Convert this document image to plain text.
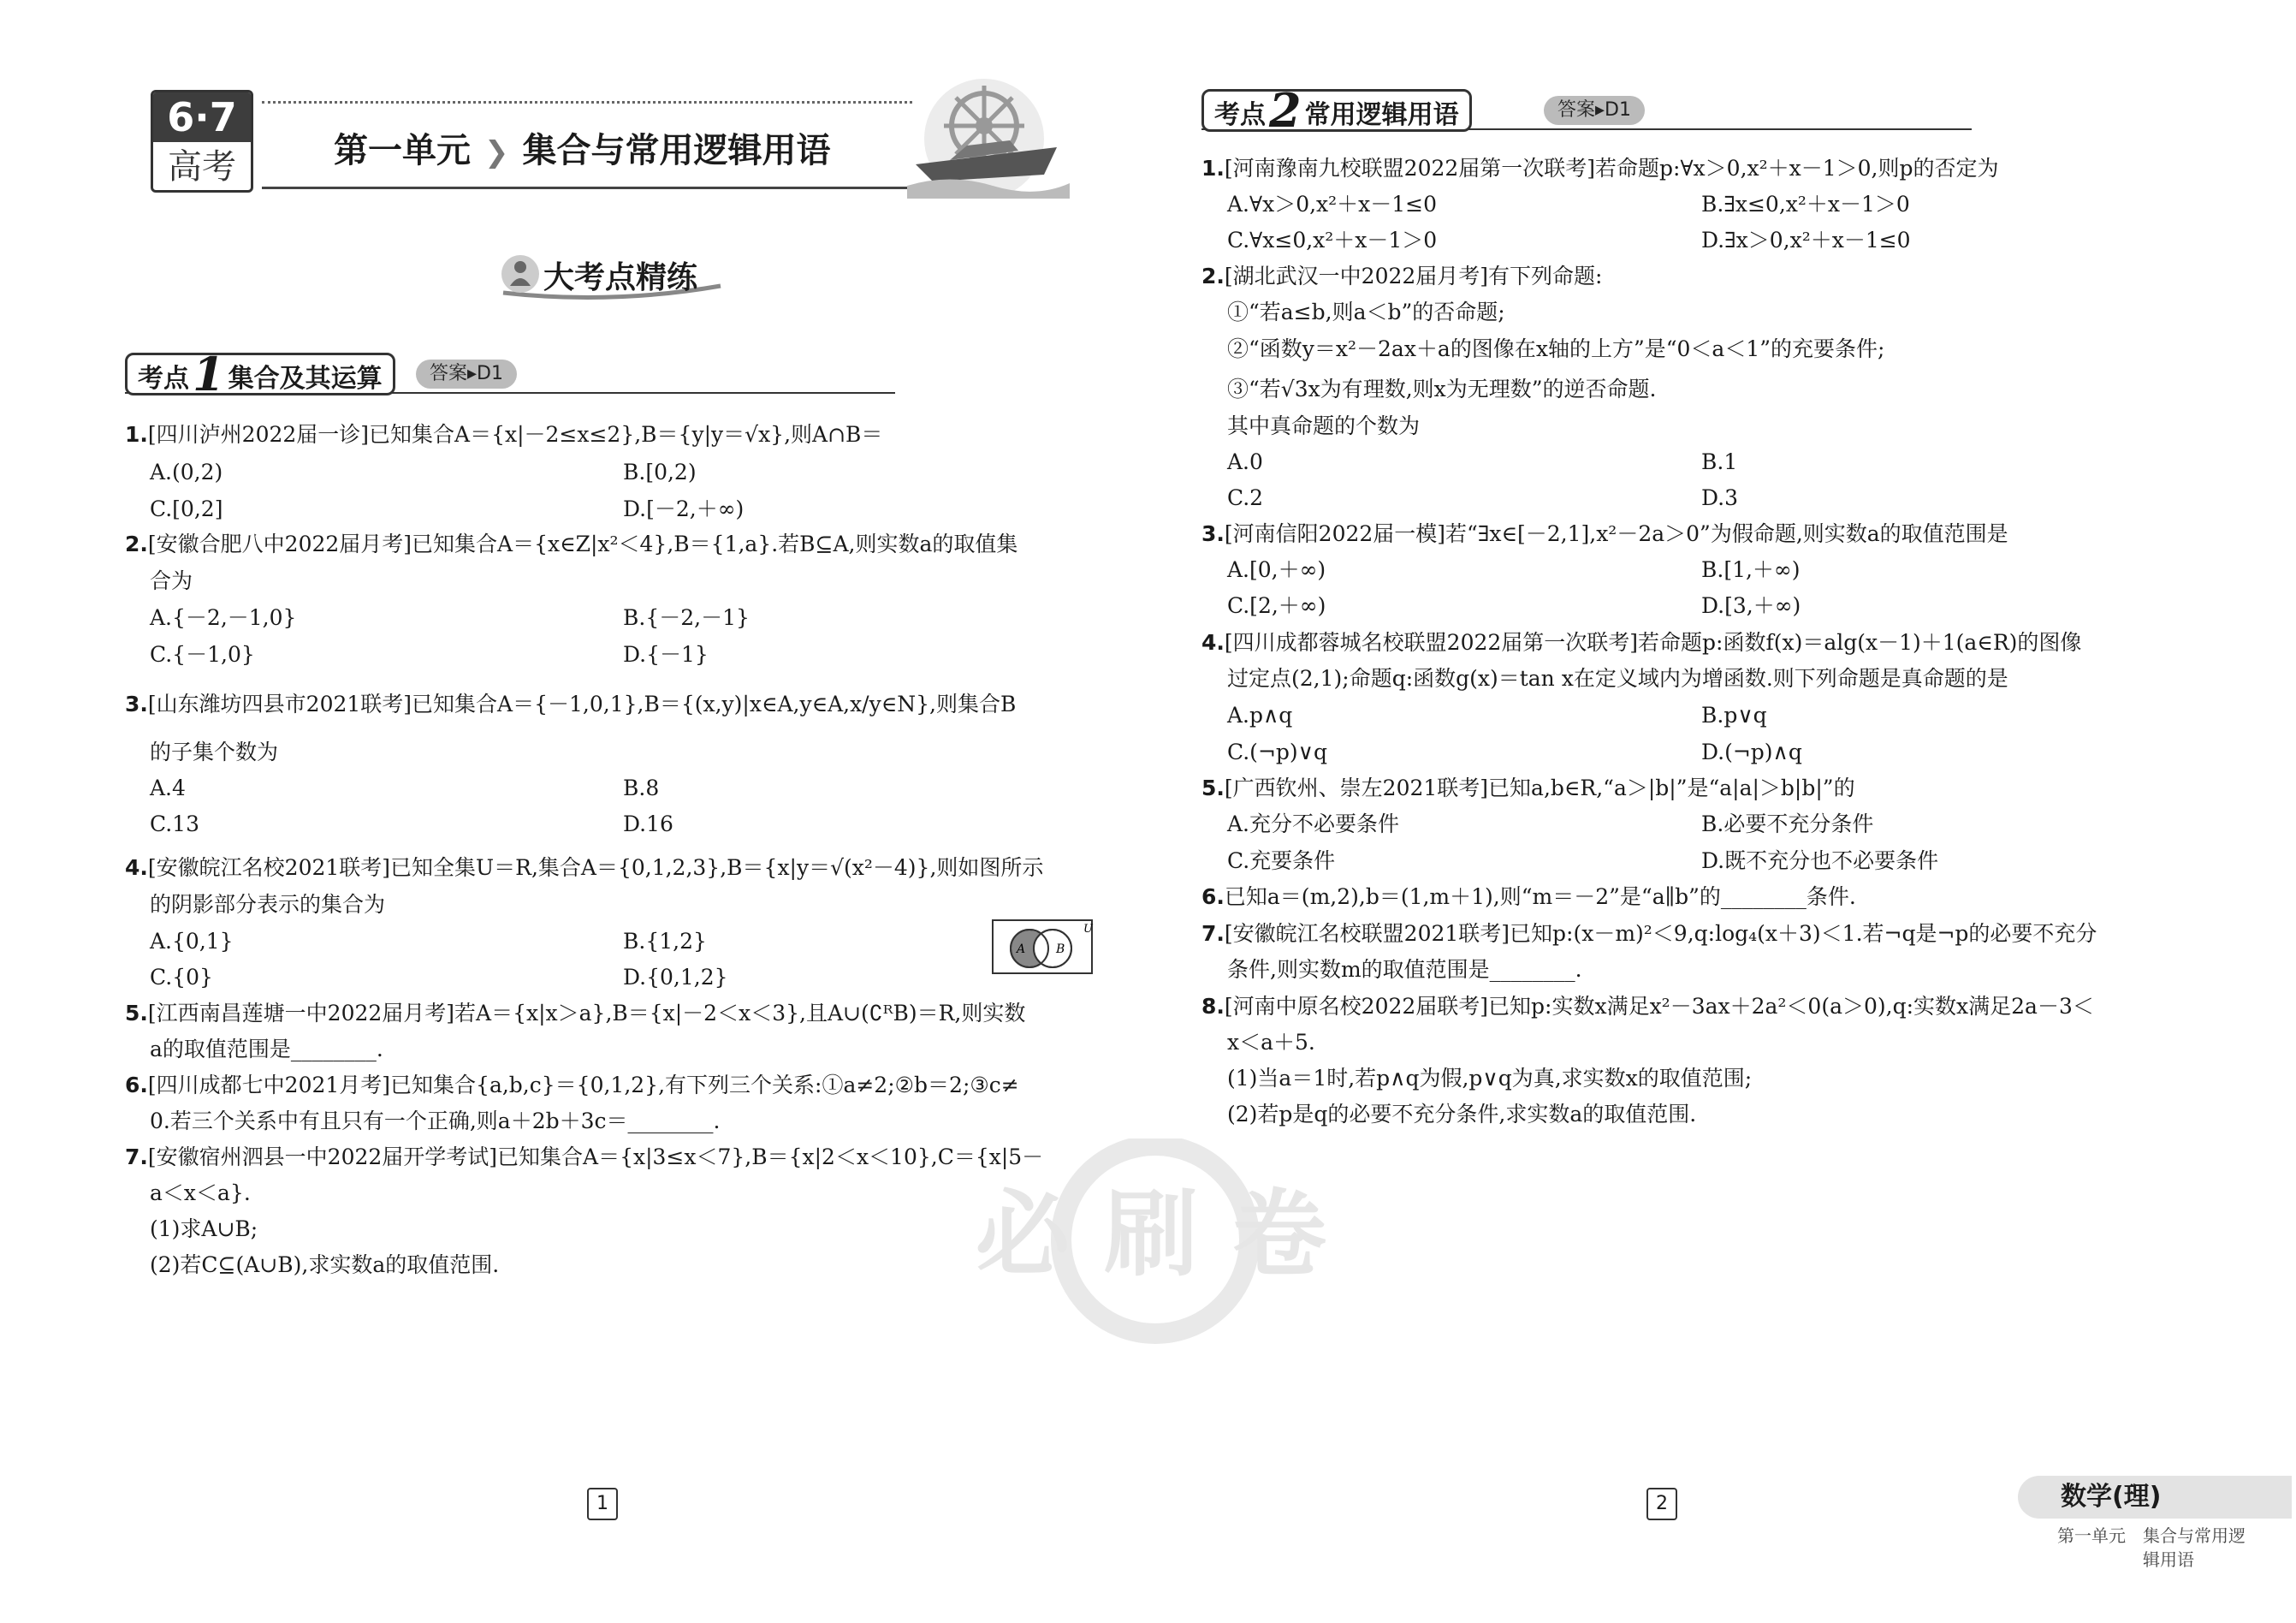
6·7
高考	第一单元 ❯ 集合与常用逻辑用语
大考点精练
考点1 集合及其运算	答案▸D1
1.[四川泸州2022届一诊]已知集合A＝{x|－2≤x≤2},B＝{y|y＝√x},则A∩B＝
A.(0,2)	B.[0,2)
C.[0,2]	D.[－2,＋∞)
2.[安徽合肥八中2022届月考]已知集合A＝{x∈Z|x²＜4},B＝{1,a}.若B⊆A,则实数a的取值集
合为
A.{－2,－1,0}	B.{－2,－1}
C.{－1,0}	D.{－1}
3.[山东潍坊四县市2021联考]已知集合A＝{－1,0,1},B＝{(x,y)|x∈A,y∈A,x/y∈N},则集合B
的子集个数为
A.4	B.8
C.13	D.16
4.[安徽皖江名校2021联考]已知全集U＝R,集合A＝{0,1,2,3},B＝{x|y＝√(x²－4)},则如图所示
的阴影部分表示的集合为
A.{0,1}	B.{1,2}
C.{0}	D.{0,1,2}
U
A	B
5.[江西南昌莲塘一中2022届月考]若A＝{x|x＞a},B＝{x|－2＜x＜3},且A∪(∁ᴿB)＝R,则实数
a的取值范围是________.
6.[四川成都七中2021月考]已知集合{a,b,c}＝{0,1,2},有下列三个关系:①a≠2;②b＝2;③c≠
0.若三个关系中有且只有一个正确,则a＋2b＋3c＝________.
7.[安徽宿州泗县一中2022届开学考试]已知集合A＝{x|3≤x＜7},B＝{x|2＜x＜10},C＝{x|5－
a＜x＜a}.
(1)求A∪B;
(2)若C⊆(A∪B),求实数a的取值范围.
1
必 刷 卷
考点2 常用逻辑用语	答案▸D1
1.[河南豫南九校联盟2022届第一次联考]若命题p:∀x＞0,x²＋x－1＞0,则p的否定为
A.∀x＞0,x²＋x－1≤0	B.∃x≤0,x²＋x－1＞0
C.∀x≤0,x²＋x－1＞0	D.∃x＞0,x²＋x－1≤0
2.[湖北武汉一中2022届月考]有下列命题:
①“若a≤b,则a＜b”的否命题;
②“函数y＝x²－2ax＋a的图像在x轴的上方”是“0＜a＜1”的充要条件;
③“若√3x为有理数,则x为无理数”的逆否命题.
其中真命题的个数为
A.0	B.1
C.2	D.3
3.[河南信阳2022届一模]若“∃x∈[－2,1],x²－2a＞0”为假命题,则实数a的取值范围是
A.[0,＋∞)	B.[1,＋∞)
C.[2,＋∞)	D.[3,＋∞)
4.[四川成都蓉城名校联盟2022届第一次联考]若命题p:函数f(x)＝alg(x－1)＋1(a∈R)的图像
过定点(2,1);命题q:函数g(x)＝tan x在定义域内为增函数.则下列命题是真命题的是
A.p∧q	B.p∨q
C.(¬p)∨q	D.(¬p)∧q
5.[广西钦州、崇左2021联考]已知a,b∈R,“a＞|b|”是“a|a|＞b|b|”的
A.充分不必要条件	B.必要不充分条件
C.充要条件	D.既不充分也不必要条件
6.已知a＝(m,2),b＝(1,m＋1),则“m＝－2”是“a∥b”的________条件.
7.[安徽皖江名校联盟2021联考]已知p:(x－m)²＜9,q:log₄(x＋3)＜1.若¬q是¬p的必要不充分
条件,则实数m的取值范围是________.
8.[河南中原名校2022届联考]已知p:实数x满足x²－3ax＋2a²＜0(a＞0),q:实数x满足2a－3＜
x＜a＋5.
(1)当a＝1时,若p∧q为假,p∨q为真,求实数x的取值范围;
(2)若p是q的必要不充分条件,求实数a的取值范围.
2	数学(理)
第一单元　集合与常用逻
辑用语
